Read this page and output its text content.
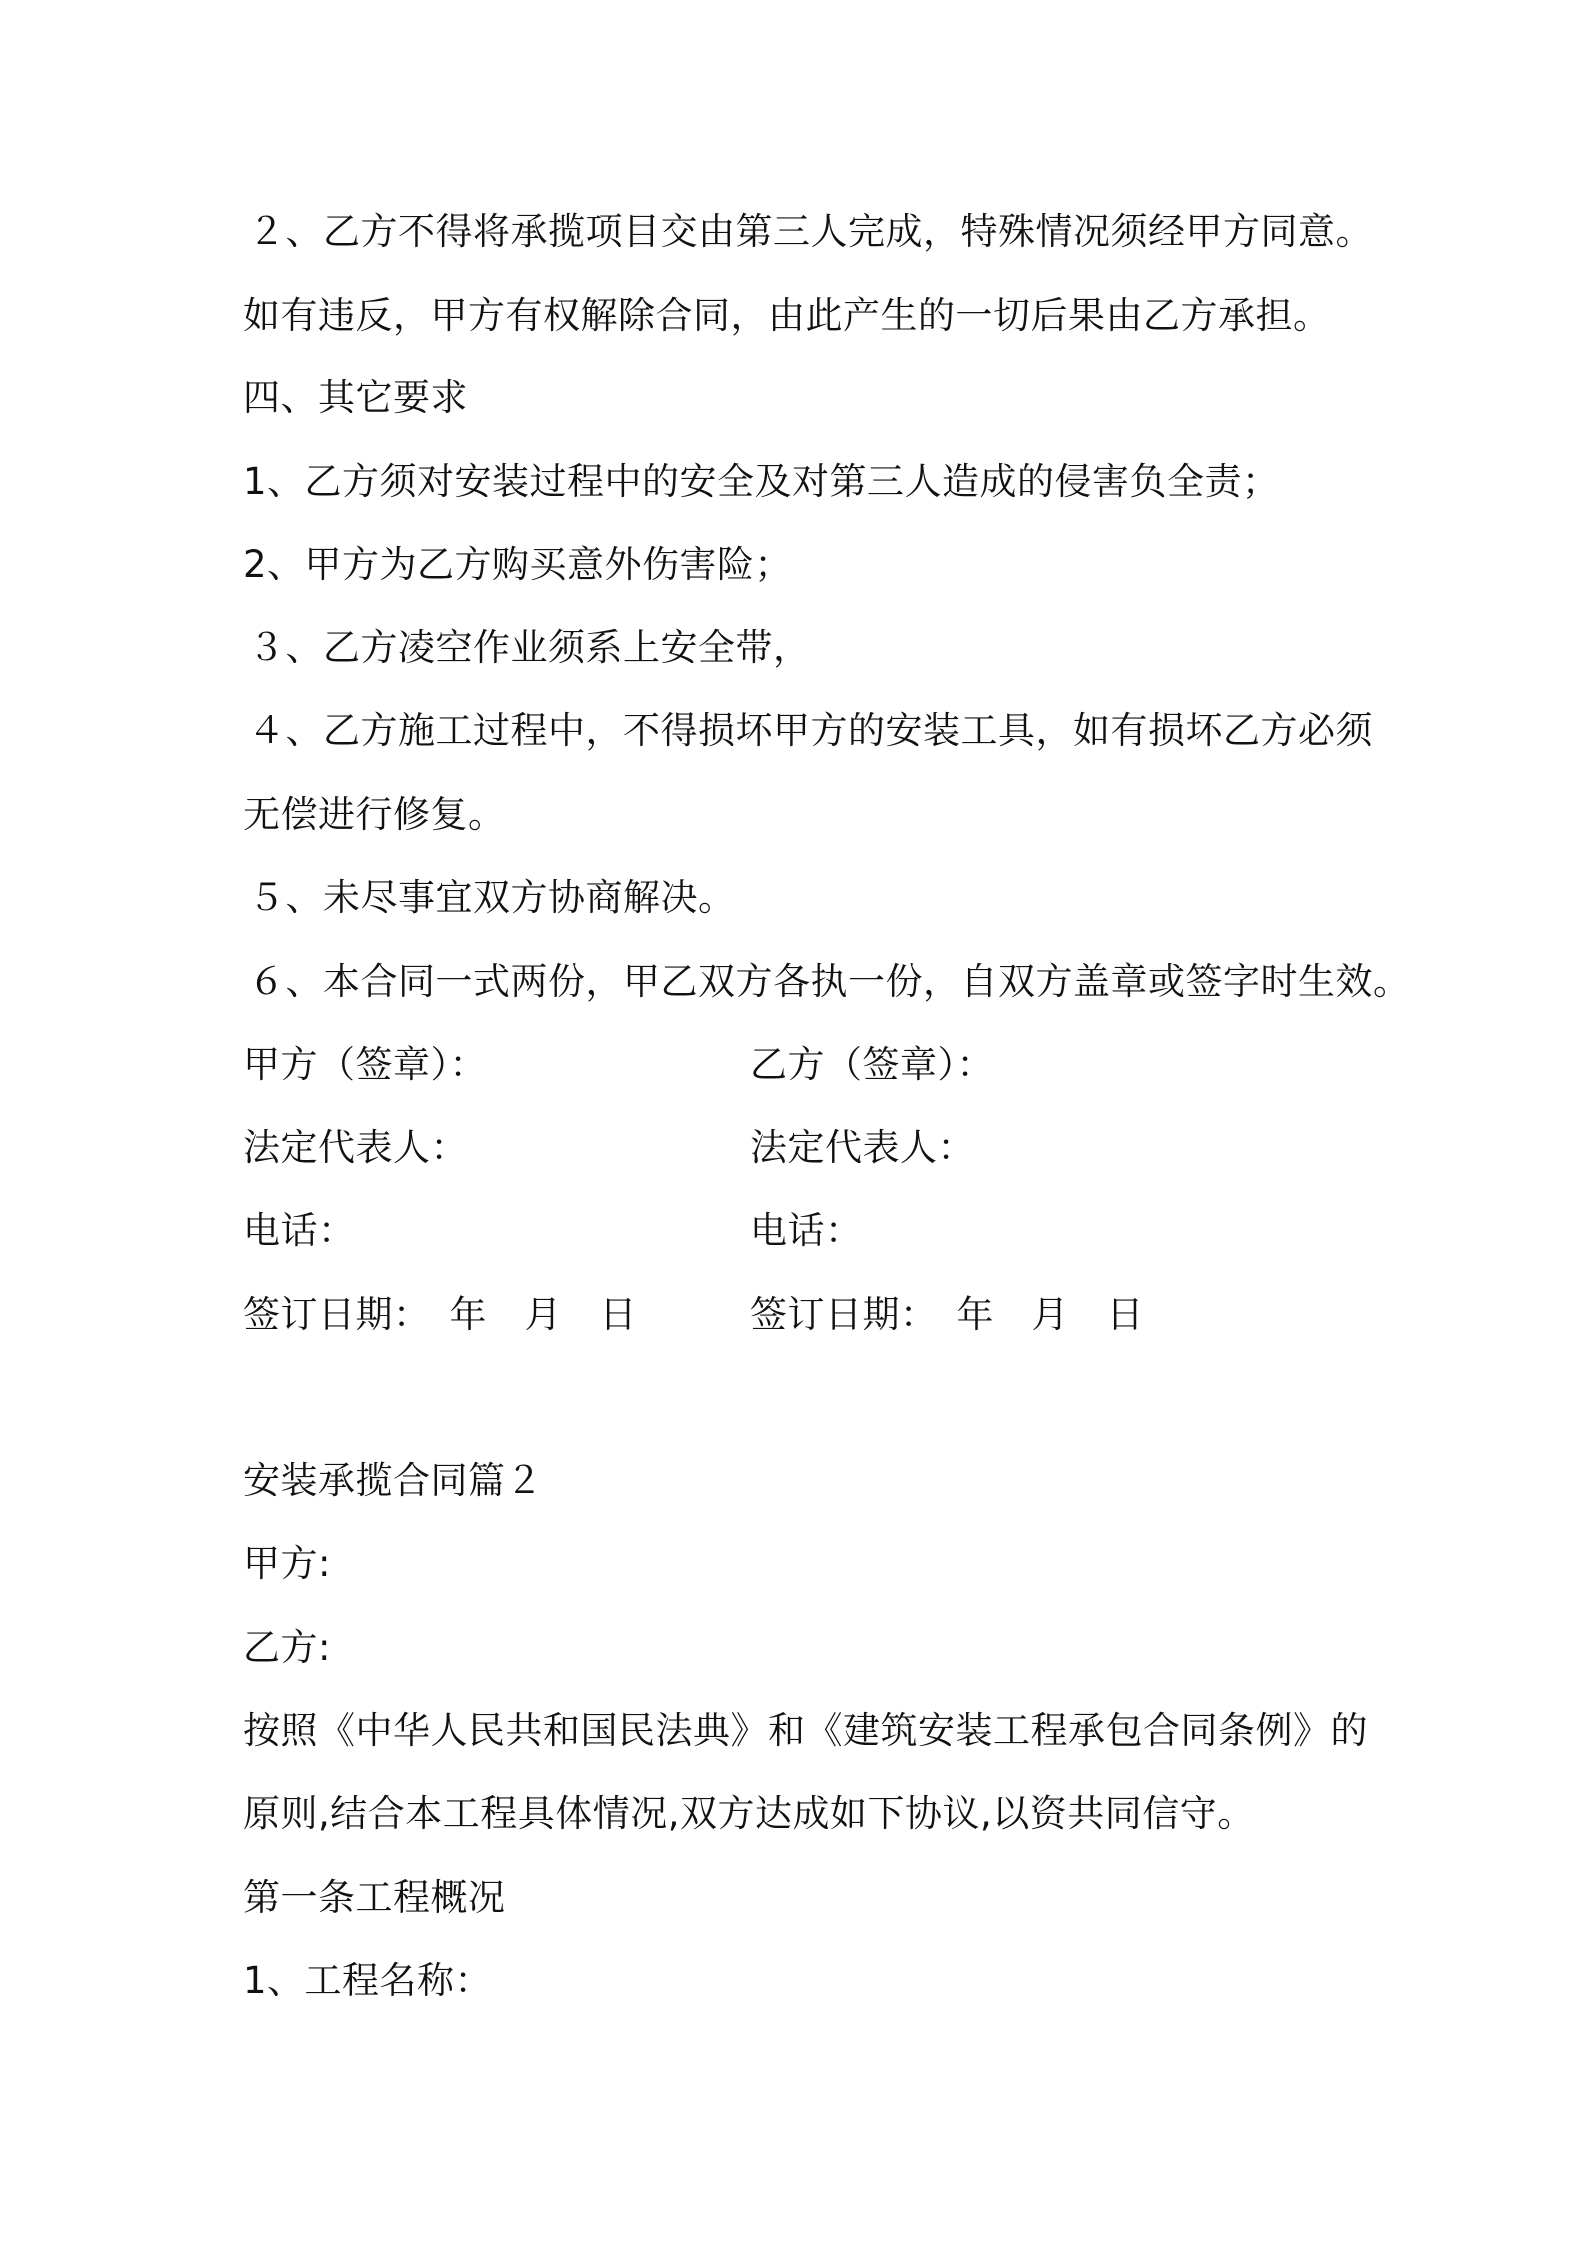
２、乙方不得将承揽项目交由第三人完成，特殊情况须经甲方同意。
如有违反，甲方有权解除合同，由此产生的一切后果由乙方承担。
四、其它要求
1、乙方须对安装过程中的安全及对第三人造成的侵害负全责；
2、甲方为乙方购买意外伤害险；
３、乙方凌空作业须系上安全带，
４、乙方施工过程中，不得损坏甲方的安装工具，如有损坏乙方必须
无偿进行修复。
５、未尽事宜双方协商解决。
６、本合同一式两份，甲乙双方各执一份，自双方盖章或签字时生效。
甲方（签章）：	乙方（签章）：
法定代表人：	法定代表人：
电话：	电话：
签订日期：　年　月　日	签订日期：　年　月　日
安装承揽合同篇２
甲方:
乙方:
按照《中华人民共和国民法典》和《建筑安装工程承包合同条例》的
原则,结合本工程具体情况,双方达成如下协议,以资共同信守。
第一条工程概况
1、工程名称：
